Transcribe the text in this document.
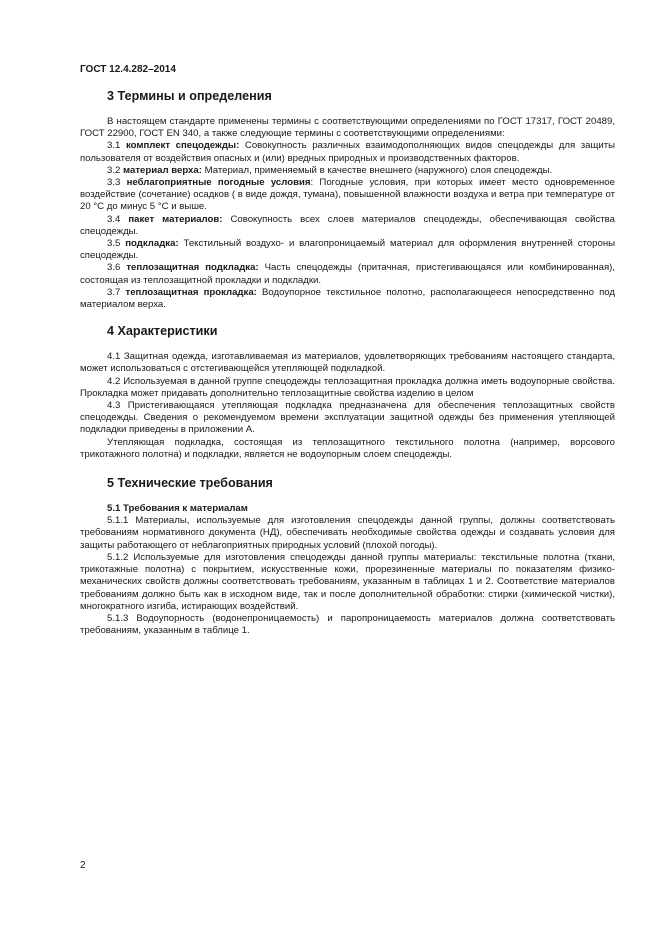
ГОСТ 12.4.282–2014
3 Термины и определения

В настоящем стандарте применены термины с соответствующими определениями по ГОСТ 17317, ГОСТ 20489, ГОСТ 22900, ГОСТ EN 340, а также следующие термины с соответствующими определениями:

3.1 комплект спецодежды: Совокупность различных взаимодополняющих видов спецодежды для защиты пользователя от воздействия опасных и (или) вредных природных и производственных факторов.

3.2 материал верха: Материал, применяемый в качестве внешнего (наружного) слоя спецодежды.

3.3 неблагоприятные погодные условия: Погодные условия, при которых имеет место одновременное воздействие (сочетание) осадков ( в виде дождя, тумана), повышенной влажности воздуха и ветра при температуре от 20 °С до минус 5 °С и выше.

3.4 пакет материалов: Совокупность всех слоев материалов спецодежды, обеспечивающая свойства спецодежды.

3.5 подкладка: Текстильный воздухо- и влагопроницаемый материал для оформления внутренней стороны спецодежды.

3.6 теплозащитная подкладка: Часть спецодежды (притачная, пристегивающаяся или комбинированная), состоящая из теплозащитной прокладки и подкладки.

3.7 теплозащитная прокладка: Водоупорное текстильное полотно, располагающееся непосредственно под материалом верха.

4 Характеристики

4.1 Защитная одежда, изготавливаемая из материалов, удовлетворяющих требованиям настоящего стандарта, может использоваться с отстегивающейся утепляющей подкладкой.

4.2 Используемая в данной группе спецодежды теплозащитная прокладка должна иметь водоупорные свойства. Прокладка может придавать дополнительно теплозащитные свойства изделию в целом

4.3 Пристегивающаяся утепляющая подкладка предназначена для обеспечения теплозащитных свойств спецодежды. Сведения о рекомендуемом времени эксплуатации защитной одежды без применения утепляющей подкладки приведены в приложении А.

Утепляющая подкладка, состоящая из теплозащитного текстильного полотна (например, ворсового трикотажного полотна) и подкладки, является не водоупорным слоем спецодежды.

5 Технические требования
5.1 Требования к материалам

5.1.1 Материалы, используемые для изготовления спецодежды данной группы, должны соответствовать требованиям нормативного документа (НД), обеспечивать необходимые свойства одежды и создавать условия для защиты работающего от неблагоприятных природных условий (плохой погоды).

5.1.2 Используемые для изготовления спецодежды данной группы материалы: текстильные полотна (ткани, трикотажные полотна) с покрытием, искусственные кожи, прорезиненные материалы по показателям физико-механических свойств должны соответствовать требованиям, указанным в таблицах 1 и 2. Соответствие материалов требованиям должно быть как в исходном виде, так и после дополнительной обработки: стирки (химической чистки), многократного изгиба, истирающих воздействий.

5.1.3 Водоупорность (водонепроницаемость) и паропроницаемость материалов должна соответствовать требованиям, указанным в таблице 1.

2
